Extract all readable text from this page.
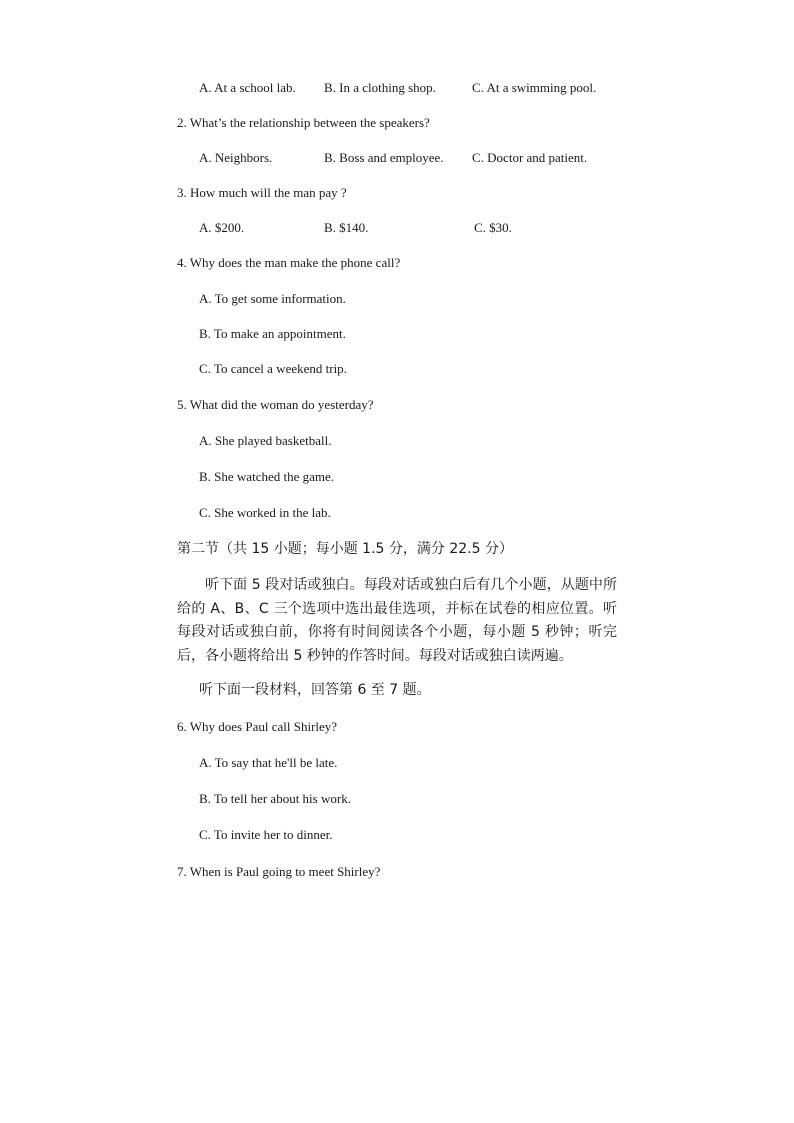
A. At a school lab. B. In a clothing shop.	C. At a swimming pool.
2. What’s the relationship between the speakers?
A. Neighbors.	B. Boss and employee. C. Doctor and patient.
3. How much will the man pay ?
A. $200.	B. $140.	C. $30.
4. Why does the man make the phone call?
A. To get some information.
B. To make an appointment.
C. To cancel a weekend trip.
5. What did the woman do yesterday?
A. She played basketball.
B. She watched the game.
C. She worked in the lab.
第二节（共 15 小题；每小题 1.5 分，满分 22.5 分）
听下面 5 段对话或独白。每段对话或独白后有几个小题，从题中所给的 A、B、C 三个选项中选出最佳选项，并标在试卷的相应位置。听每段对话或独白前，你将有时间阅读各个小题，每小题 5 秒钟；听完后，各小题将给出 5 秒钟的作答时间。每段对话或独白读两遍。
听下面一段材料，回答第 6 至 7 题。
6. Why does Paul call Shirley?
A. To say that he'll be late.
B. To tell her about his work.
C. To invite her to dinner.
7. When is Paul going to meet Shirley?
